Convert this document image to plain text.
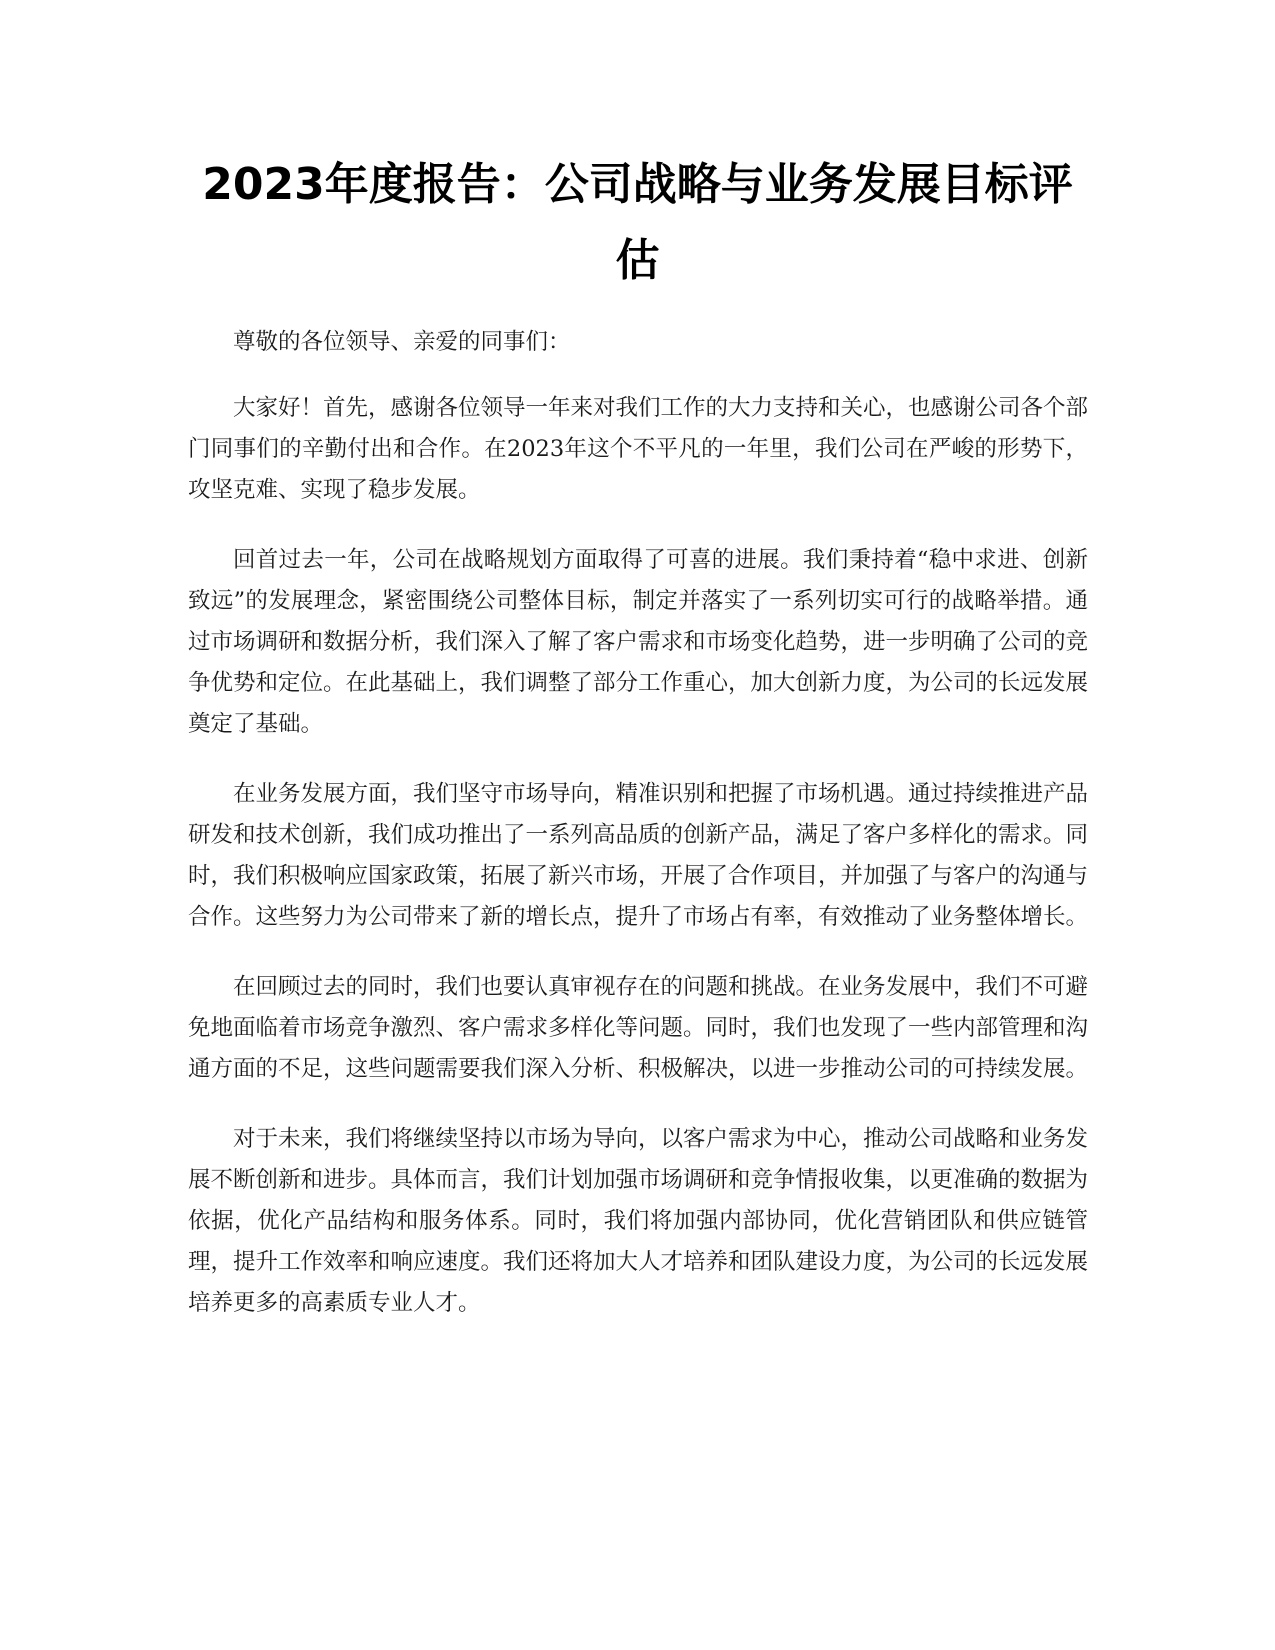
2023年度报告：公司战略与业务发展目标评估

尊敬的各位领导、亲爱的同事们：

大家好！首先，感谢各位领导一年来对我们工作的大力支持和关心，也感谢公司各个部门同事们的辛勤付出和合作。在2023年这个不平凡的一年里，我们公司在严峻的形势下，攻坚克难、实现了稳步发展。

回首过去一年，公司在战略规划方面取得了可喜的进展。我们秉持着“稳中求进、创新致远”的发展理念，紧密围绕公司整体目标，制定并落实了一系列切实可行的战略举措。通过市场调研和数据分析，我们深入了解了客户需求和市场变化趋势，进一步明确了公司的竞争优势和定位。在此基础上，我们调整了部分工作重心，加大创新力度，为公司的长远发展奠定了基础。

在业务发展方面，我们坚守市场导向，精准识别和把握了市场机遇。通过持续推进产品研发和技术创新，我们成功推出了一系列高品质的创新产品，满足了客户多样化的需求。同时，我们积极响应国家政策，拓展了新兴市场，开展了合作项目，并加强了与客户的沟通与合作。这些努力为公司带来了新的增长点，提升了市场占有率，有效推动了业务整体增长。

在回顾过去的同时，我们也要认真审视存在的问题和挑战。在业务发展中，我们不可避免地面临着市场竞争激烈、客户需求多样化等问题。同时，我们也发现了一些内部管理和沟通方面的不足，这些问题需要我们深入分析、积极解决，以进一步推动公司的可持续发展。

对于未来，我们将继续坚持以市场为导向，以客户需求为中心，推动公司战略和业务发展不断创新和进步。具体而言，我们计划加强市场调研和竞争情报收集，以更准确的数据为依据，优化产品结构和服务体系。同时，我们将加强内部协同，优化营销团队和供应链管理，提升工作效率和响应速度。我们还将加大人才培养和团队建设力度，为公司的长远发展培养更多的高素质专业人才。
